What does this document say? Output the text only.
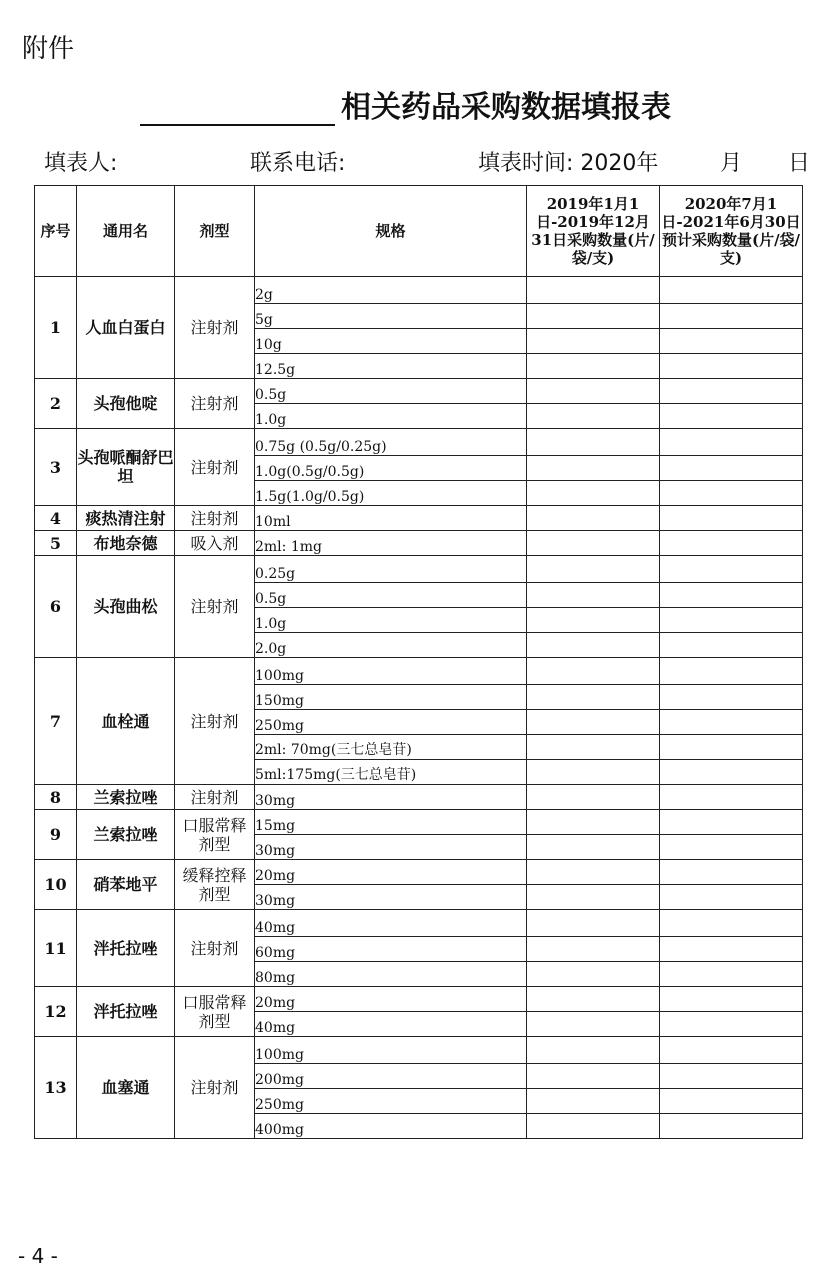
附件
相关药品采购数据填报表
填表人:	联系电话:	填表时间: 2020年	月 日
序号	通用名	剂型	规格	2019年1月1日-2019年12月31日采购数量(片/袋/支)	2020年7月1日-2021年6月30日预计采购数量(片/袋/支)
1	人血白蛋白	注射剂	2g		
			5g		
			10g		
			12.5g		
2	头孢他啶	注射剂	0.5g		
			1.0g		
3	头孢哌酮舒巴坦	注射剂	0.75g (0.5g/0.25g)		
			1.0g(0.5g/0.5g)		
			1.5g(1.0g/0.5g)		
4	痰热清注射	注射剂	10ml		
5	布地奈德	吸入剂	2ml: 1mg		
6	头孢曲松	注射剂	0.25g		
			0.5g		
			1.0g		
			2.0g		
7	血栓通	注射剂	100mg		
			150mg		
			250mg		
			2ml: 70mg(三七总皂苷)		
			5ml:175mg(三七总皂苷)		
8	兰索拉唑	注射剂	30mg		
9	兰索拉唑	口服常释剂型	15mg		
			30mg		
10	硝苯地平	缓释控释剂型	20mg		
			30mg		
11	泮托拉唑	注射剂	40mg		
			60mg		
			80mg		
12	泮托拉唑	口服常释剂型	20mg		
			40mg		
13	血塞通	注射剂	100mg		
			200mg		
			250mg		
			400mg		
- 4 -
